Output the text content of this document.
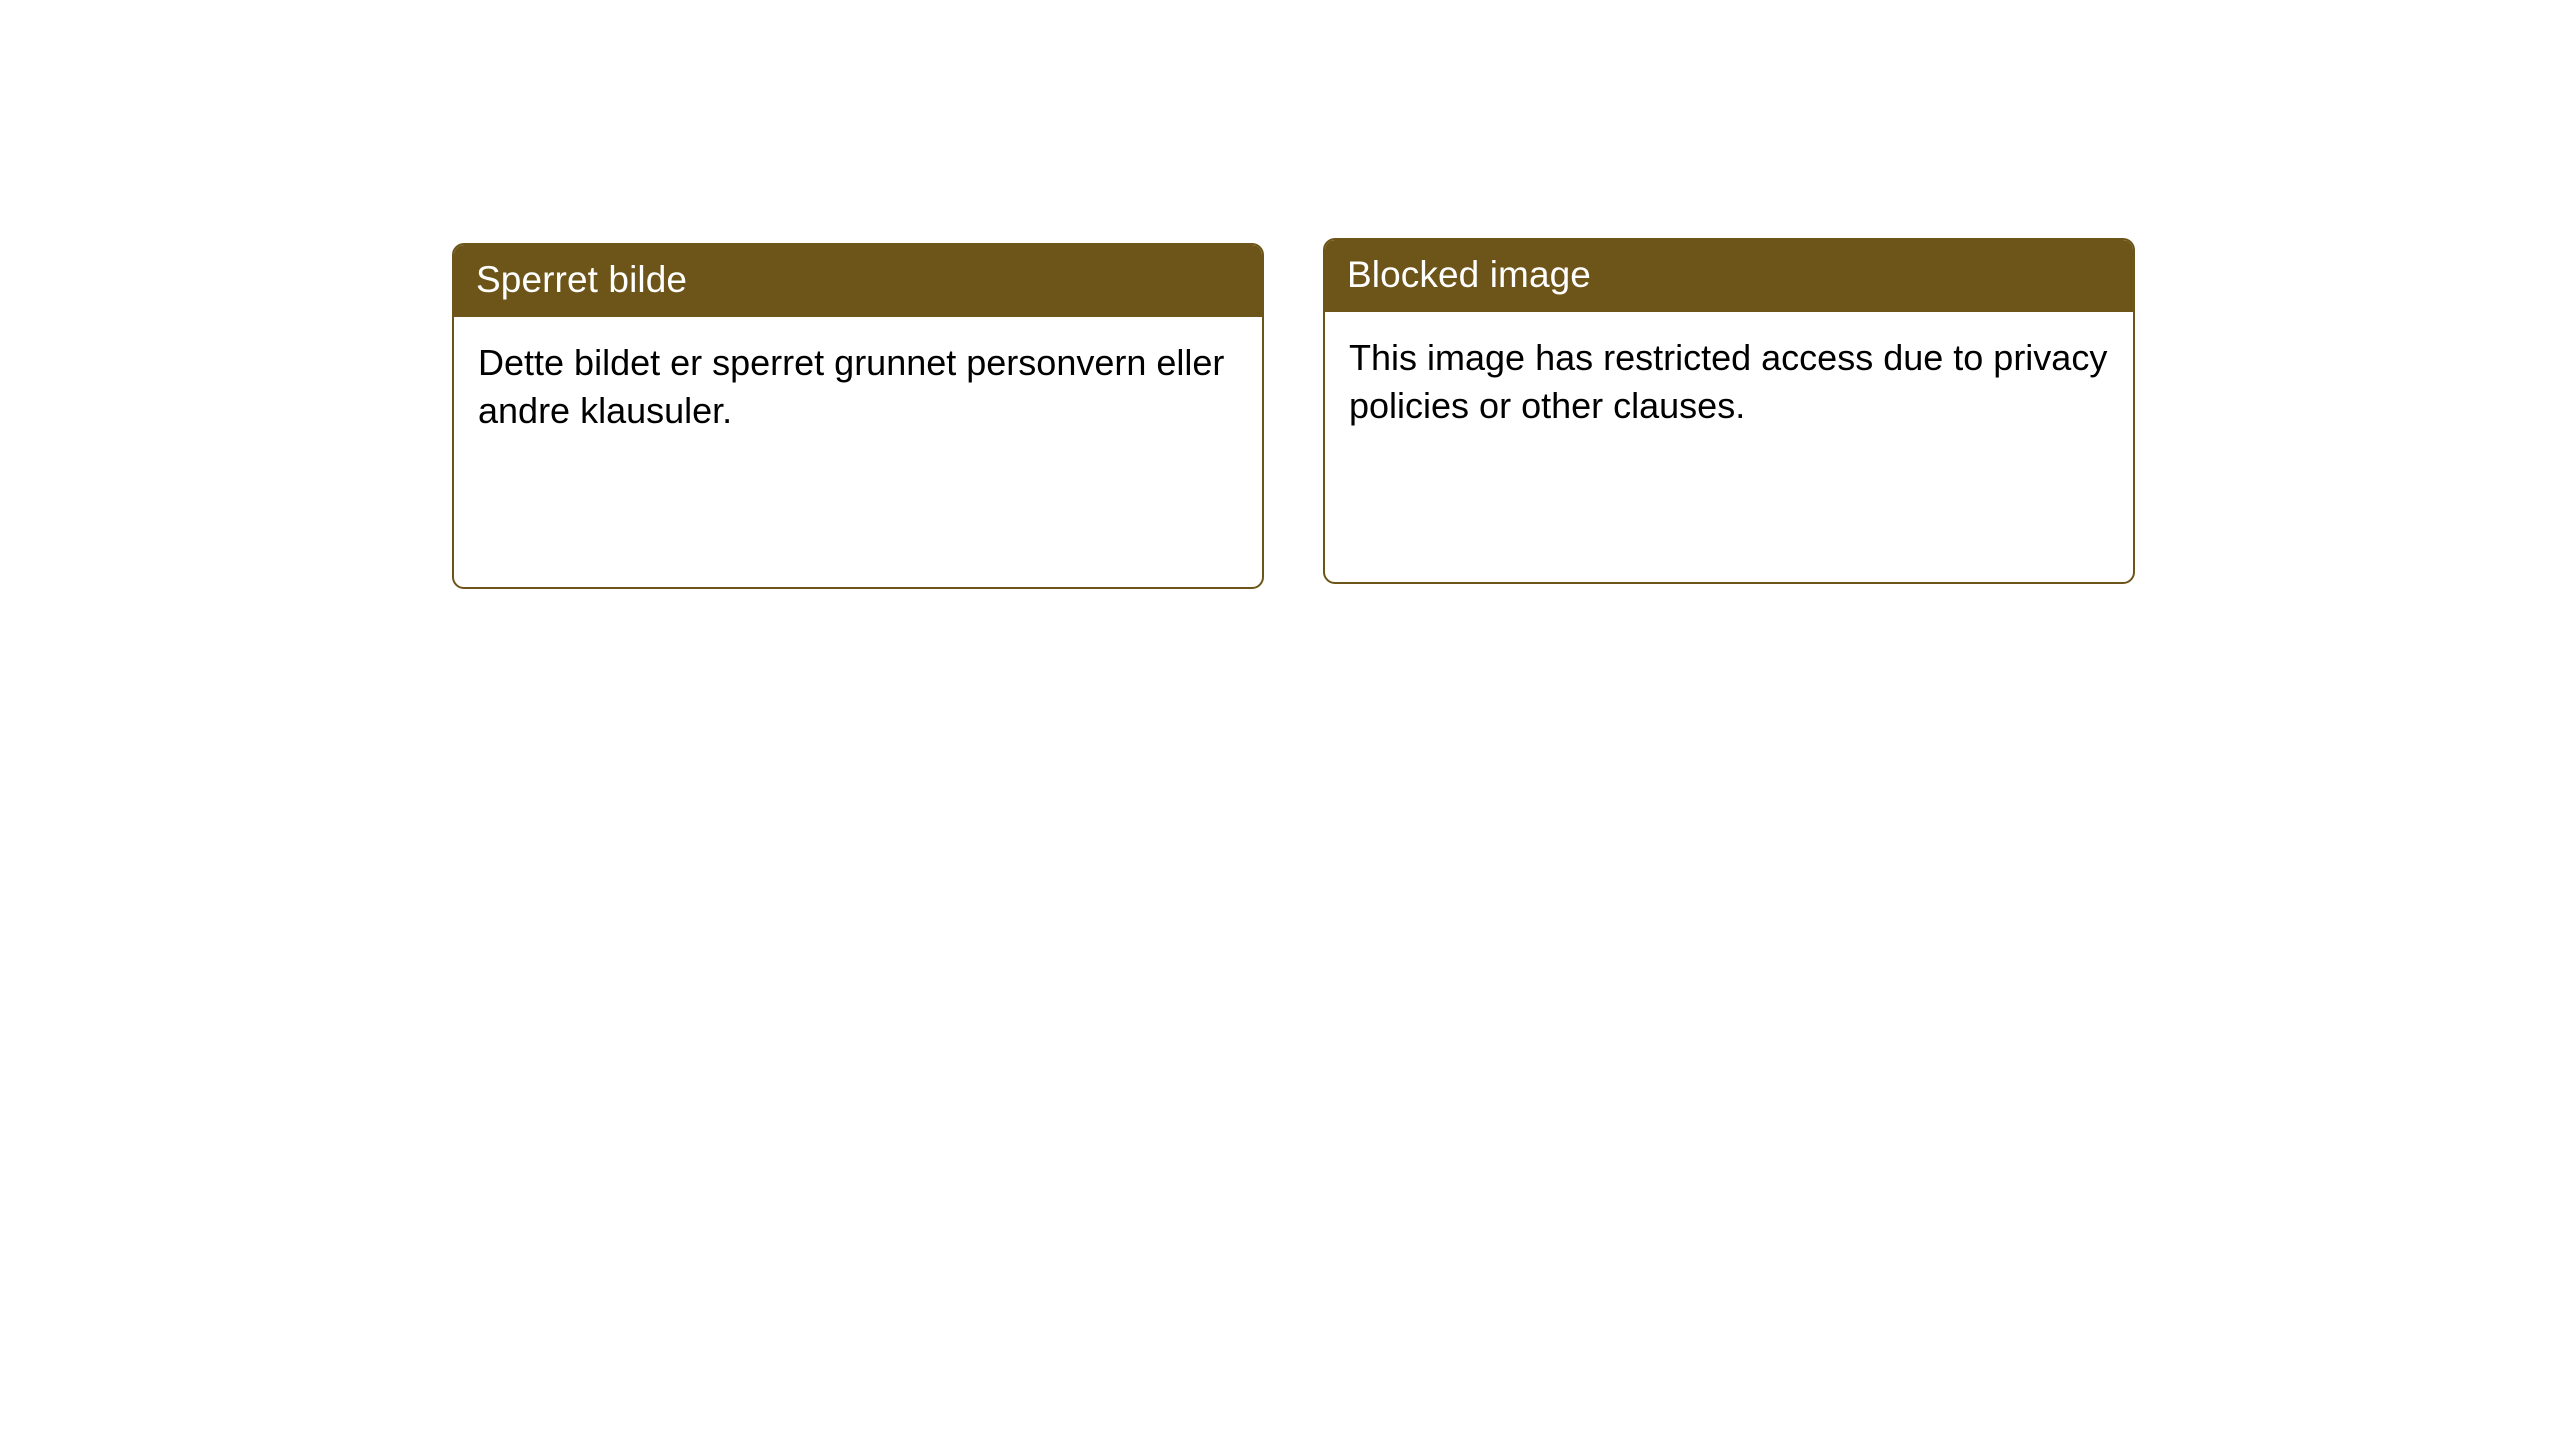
Sperret bilde

Dette bildet er sperret grunnet personvern eller andre klausuler.

Blocked image

This image has restricted access due to privacy policies or other clauses.
